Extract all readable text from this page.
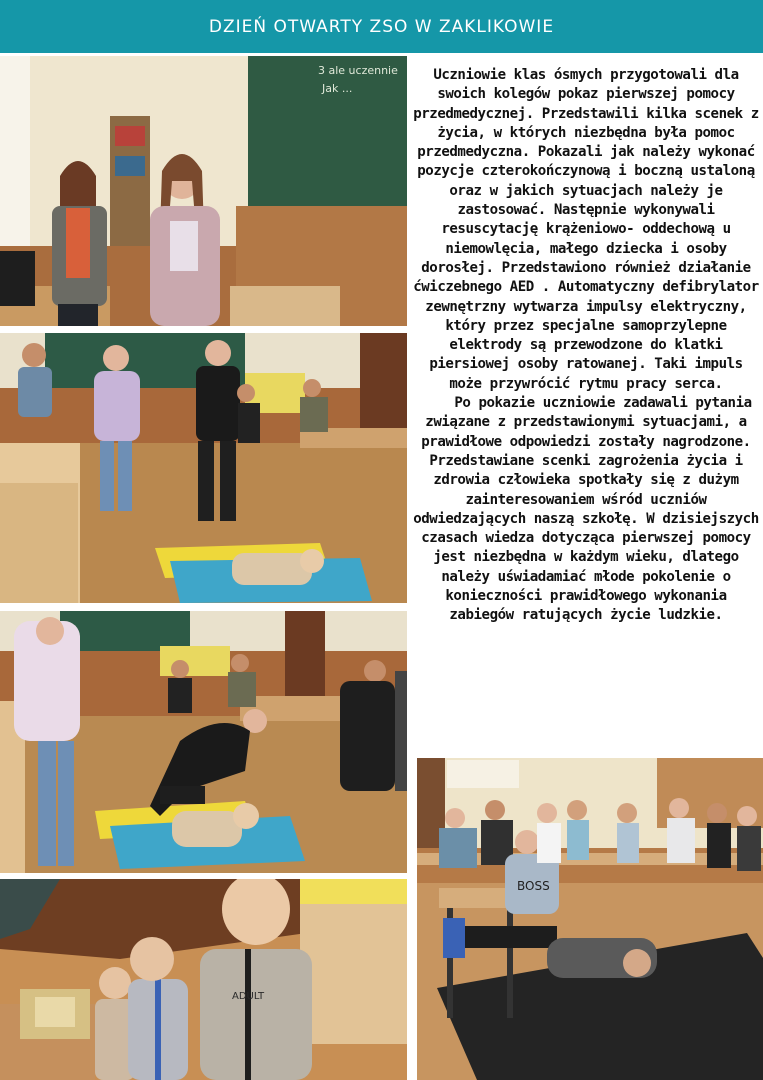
DZIEŃ OTWARTY ZSO W ZAKLIKOWIE
3 ale uczennie
Jak ...
ADULT
BOSS

Uczniowie klas ósmych przygotowali dla swoich kolegów pokaz pierwszej pomocy przedmedycznej. Przedstawili kilka scenek z życia, w których niezbędna była pomoc przedmedyczna. Pokazali jak należy wykonać pozycje czterokończynową i boczną ustaloną oraz w jakich sytuacjach należy je zastosować. Następnie wykonywali resuscytację krążeniowo- oddechową u niemowlęcia, małego dziecka i osoby dorosłej. Przedstawiono również działanie ćwiczebnego AED . Automatyczny defibrylator zewnętrzny wytwarza impulsy elektryczny, który przez specjalne samoprzylepne elektrody są przewodzone do klatki piersiowej osoby ratowanej. Taki impuls może przywrócić rytmu pracy serca.

Po pokazie uczniowie zadawali pytania związane z przedstawionymi sytuacjami, a prawidłowe odpowiedzi zostały nagrodzone.

Przedstawiane scenki zagrożenia życia i zdrowia człowieka spotkały się z dużym zainteresowaniem wśród uczniów odwiedzających naszą szkołę. W dzisiejszych czasach wiedza dotycząca pierwszej pomocy jest niezbędna w każdym wieku, dlatego należy uświadamiać młode pokolenie o konieczności prawidłowego wykonania zabiegów ratujących życie ludzkie.
